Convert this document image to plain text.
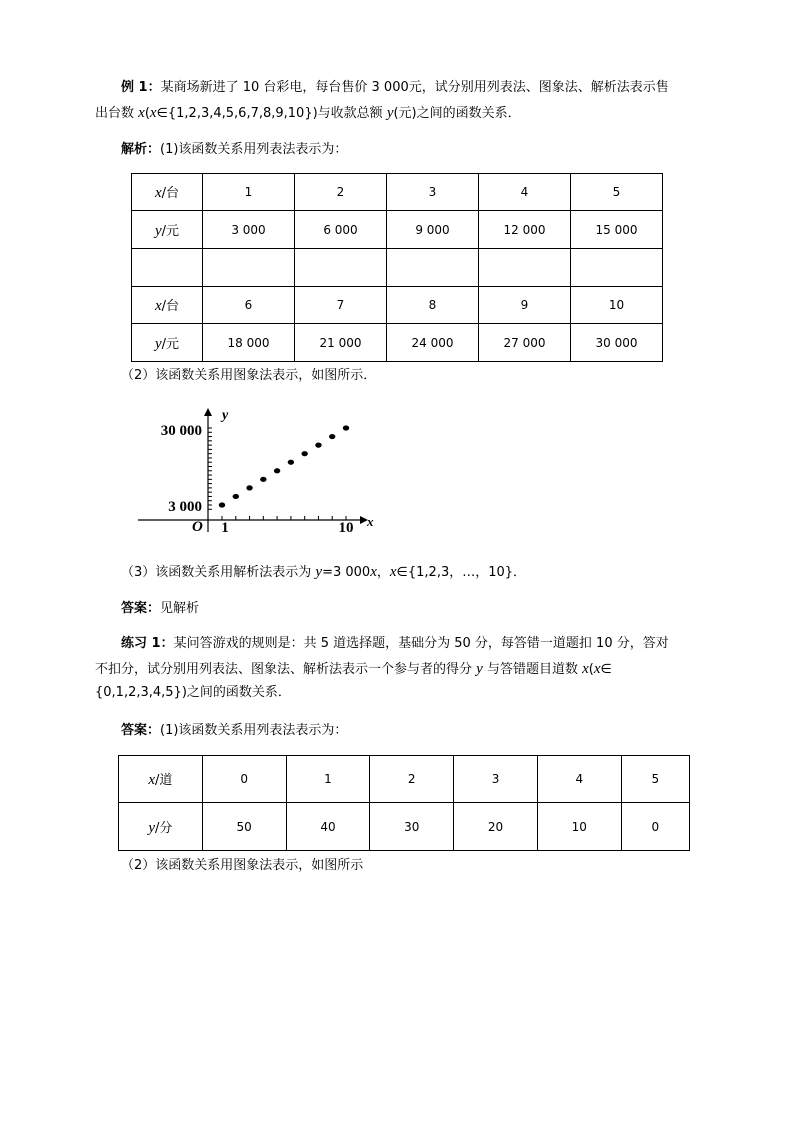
例 1：某商场新进了 10 台彩电，每台售价 3 000元，试分别用列表法、图象法、解析法表示售
出台数 x(x∈{1,2,3,4,5,6,7,8,9,10})与收款总额 y(元)之间的函数关系．
解析：(1)该函数关系用列表法表示为：
x/台	1	2	3	4	5
y/元	3 000	6 000	9 000	12 000	15 000

x/台	6	7	8	9	10
y/元	18 000	21 000	24 000	27 000	30 000
（2）该函数关系用图象法表示，如图所示．
y
x
O
30 000
3 000
1	10
（3）该函数关系用解析法表示为 y=3 000x，x∈{1,2,3，…，10}．
答案：见解析
练习 1：某问答游戏的规则是：共 5 道选择题，基础分为 50 分，每答错一道题扣 10 分，答对
不扣分，试分别用列表法、图象法、解析法表示一个参与者的得分 y 与答错题目道数 x(x∈
{0,1,2,3,4,5})之间的函数关系．
答案：(1)该函数关系用列表法表示为：
x/道	0	1	2	3	4	5
y/分	50	40	30	20	10	0
（2）该函数关系用图象法表示，如图所示
